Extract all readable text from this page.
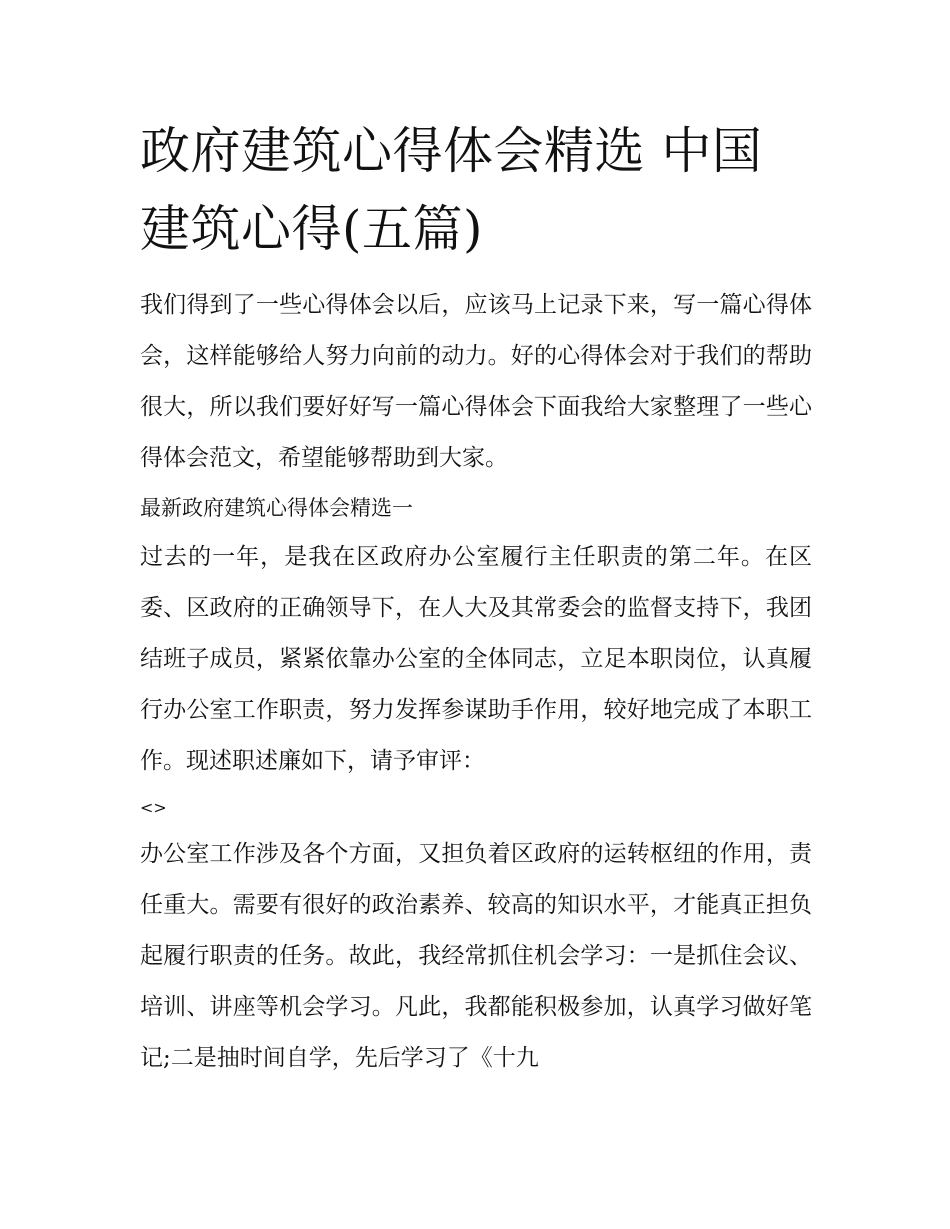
政府建筑心得体会精选 中国建筑心得(五篇)

我们得到了一些心得体会以后，应该马上记录下来，写一篇心得体会，这样能够给人努力向前的动力。好的心得体会对于我们的帮助很大，所以我们要好好写一篇心得体会下面我给大家整理了一些心得体会范文，希望能够帮助到大家。

最新政府建筑心得体会精选一

过去的一年，是我在区政府办公室履行主任职责的第二年。在区委、区政府的正确领导下，在人大及其常委会的监督支持下，我团结班子成员，紧紧依靠办公室的全体同志，立足本职岗位，认真履行办公室工作职责，努力发挥参谋助手作用，较好地完成了本职工作。现述职述廉如下，请予审评：

<>

办公室工作涉及各个方面，又担负着区政府的运转枢纽的作用，责任重大。需要有很好的政治素养、较高的知识水平，才能真正担负起履行职责的任务。故此，我经常抓住机会学习：一是抓住会议、培训、讲座等机会学习。凡此，我都能积极参加，认真学习做好笔记;二是抽时间自学，先后学习了《十九
